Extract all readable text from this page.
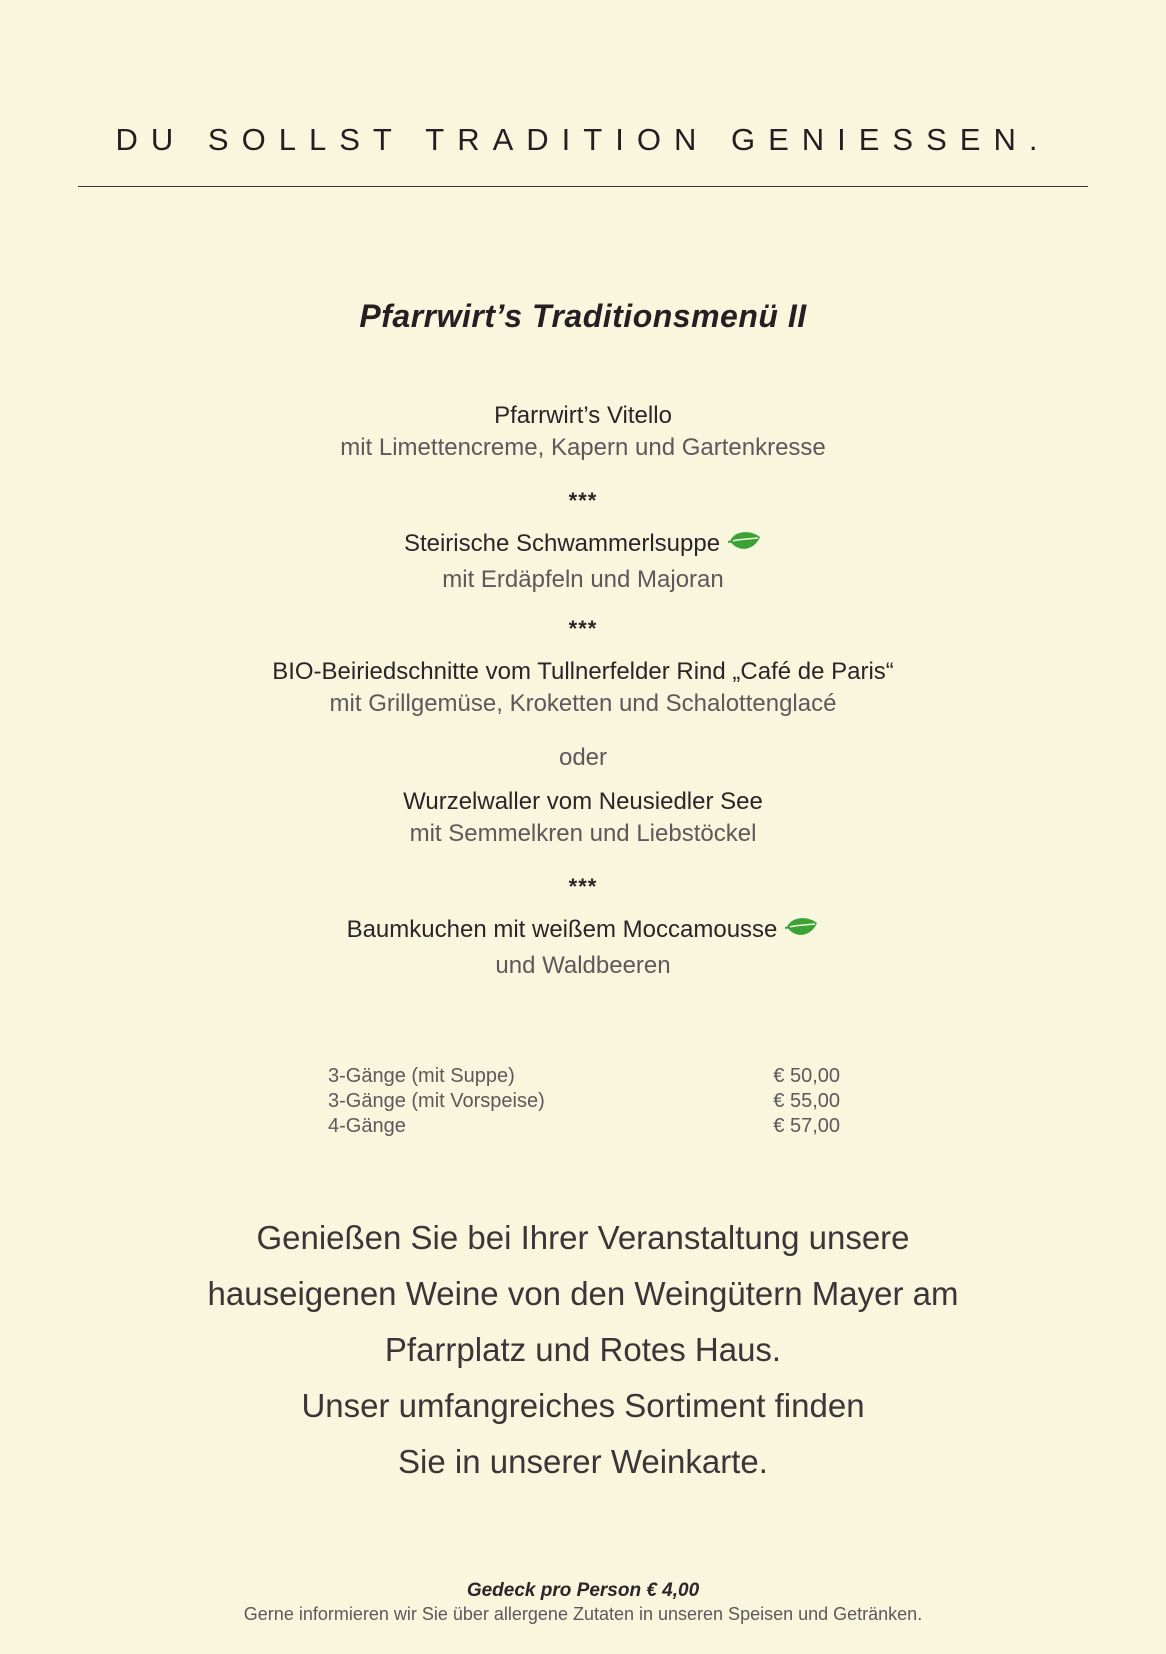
DU SOLLST TRADITION GENIESSEN.
Pfarrwirt’s Traditionsmenü II
Pfarrwirt’s Vitello
mit Limettencreme, Kapern und Gartenkresse
***
Steirische Schwammerlsuppe
mit Erdäpfeln und Majoran
***
BIO-Beiriedschnitte vom Tullnerfelder Rind „Café de Paris“
mit Grillgemüse, Kroketten und Schalottenglacé
oder
Wurzelwaller vom Neusiedler See
mit Semmelkren und Liebstöckel
***
Baumkuchen mit weißem Moccamousse
und Waldbeeren
3-Gänge (mit Suppe)	€ 50,00
3-Gänge (mit Vorspeise)	€ 55,00
4-Gänge	€ 57,00
Genießen Sie bei Ihrer Veranstaltung unsere
hauseigenen Weine von den Weingütern Mayer am
Pfarrplatz und Rotes Haus.
Unser umfangreiches Sortiment finden
Sie in unserer Weinkarte.
Gedeck pro Person € 4,00
Gerne informieren wir Sie über allergene Zutaten in unseren Speisen und Getränken.
